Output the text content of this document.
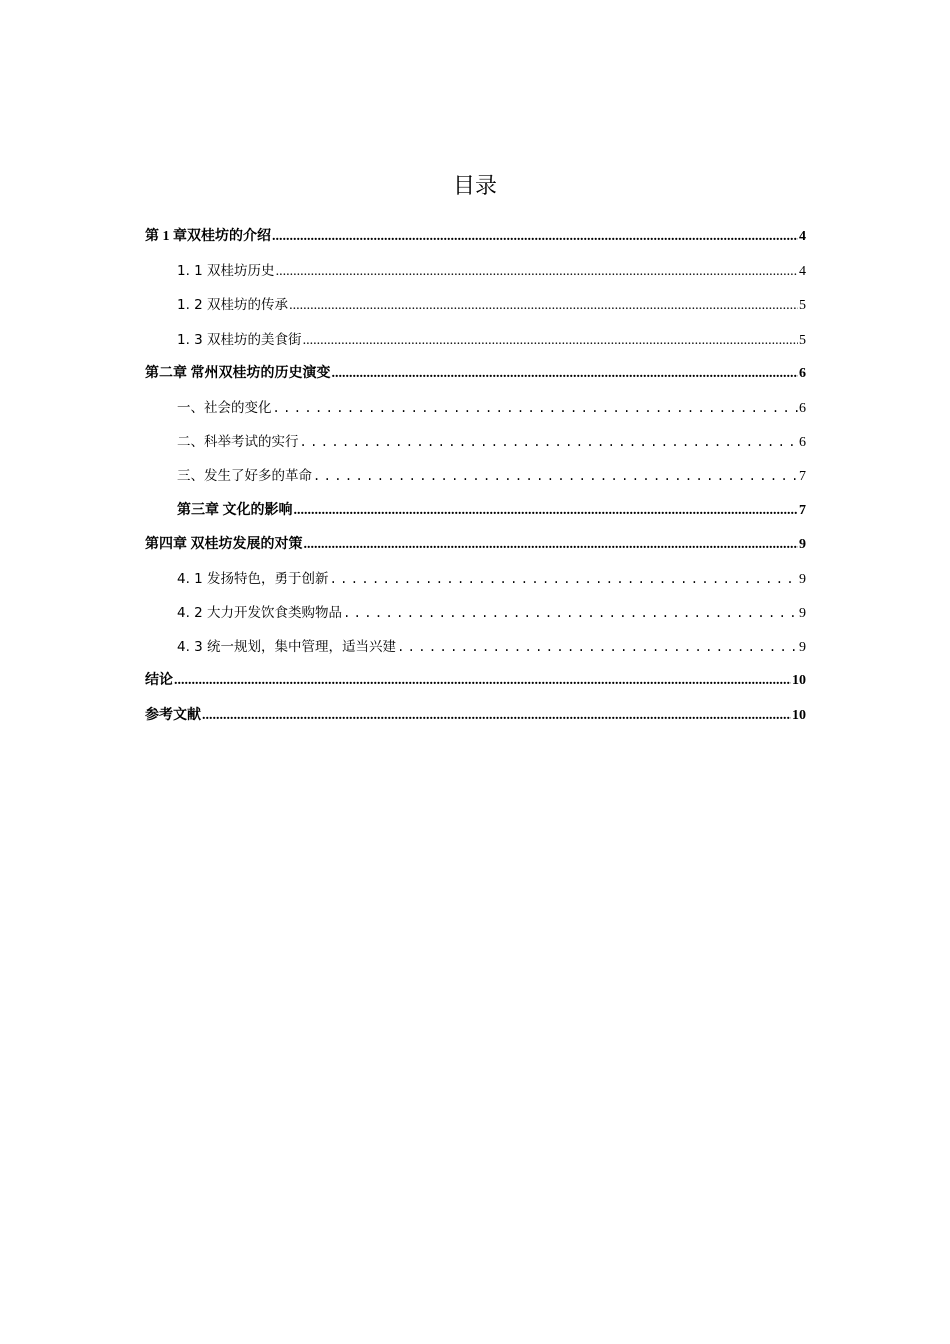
目录
第 1 章双桂坊的介绍 .....	4
1. 1 双桂坊历史 .....	4
1. 2 双桂坊的传承 .....	5
1. 3 双桂坊的美食街 .....	5
第二章 常州双桂坊的历史演变 .....	6
一、社会的变化 .....	6
二、科举考试的实行 .....	6
三、发生了好多的革命 .....	7
第三章 文化的影响 .....	7
第四章 双桂坊发展的对策 .....	9
4. 1 发扬特色，勇于创新 .....	9
4. 2 大力开发饮食类购物品 .....	9
4. 3 统一规划，集中管理，适当兴建 .....	9
结论 .....	10
参考文献 .....	10
